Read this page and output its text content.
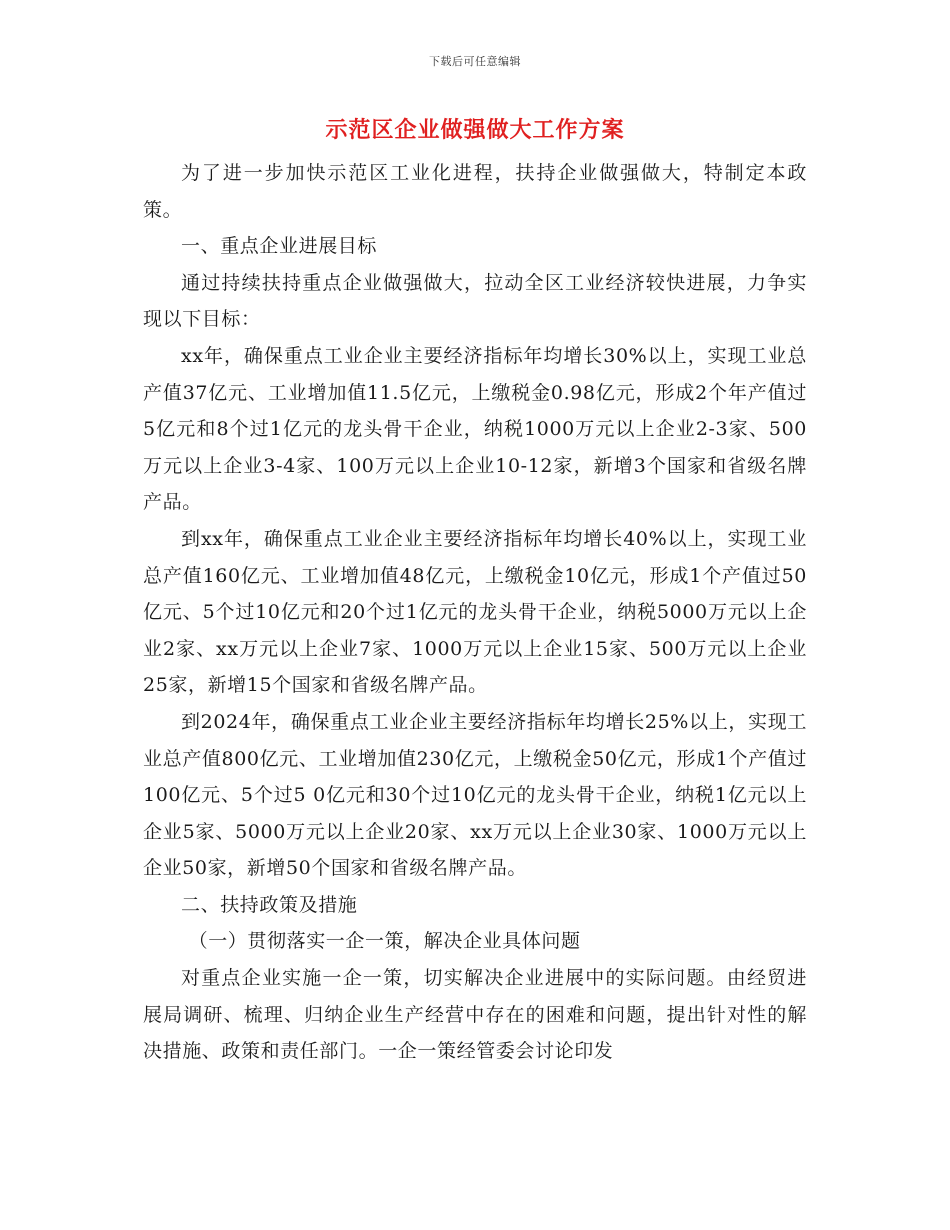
下载后可任意编辑
示范区企业做强做大工作方案

为了进一步加快示范区工业化进程，扶持企业做强做大，特制定本政策。

一、重点企业进展目标

通过持续扶持重点企业做强做大，拉动全区工业经济较快进展，力争实现以下目标：

xx年，确保重点工业企业主要经济指标年均增长30%以上，实现工业总产值37亿元、工业增加值11.5亿元，上缴税金0.98亿元，形成2个年产值过5亿元和8个过1亿元的龙头骨干企业，纳税1000万元以上企业2-3家、500万元以上企业3-4家、100万元以上企业10-12家，新增3个国家和省级名牌产品。

到xx年，确保重点工业企业主要经济指标年均增长40%以上，实现工业总产值160亿元、工业增加值48亿元，上缴税金10亿元，形成1个产值过50亿元、5个过10亿元和20个过1亿元的龙头骨干企业，纳税5000万元以上企业2家、xx万元以上企业7家、1000万元以上企业15家、500万元以上企业25家，新增15个国家和省级名牌产品。

到2024年，确保重点工业企业主要经济指标年均增长25%以上，实现工业总产值800亿元、工业增加值230亿元，上缴税金50亿元，形成1个产值过100亿元、5个过5 0亿元和30个过10亿元的龙头骨干企业，纳税1亿元以上企业5家、5000万元以上企业20家、xx万元以上企业30家、1000万元以上企业50家，新增50个国家和省级名牌产品。

二、扶持政策及措施

（一）贯彻落实一企一策，解决企业具体问题

对重点企业实施一企一策，切实解决企业进展中的实际问题。由经贸进展局调研、梳理、归纳企业生产经营中存在的困难和问题，提出针对性的解决措施、政策和责任部门。一企一策经管委会讨论印发
